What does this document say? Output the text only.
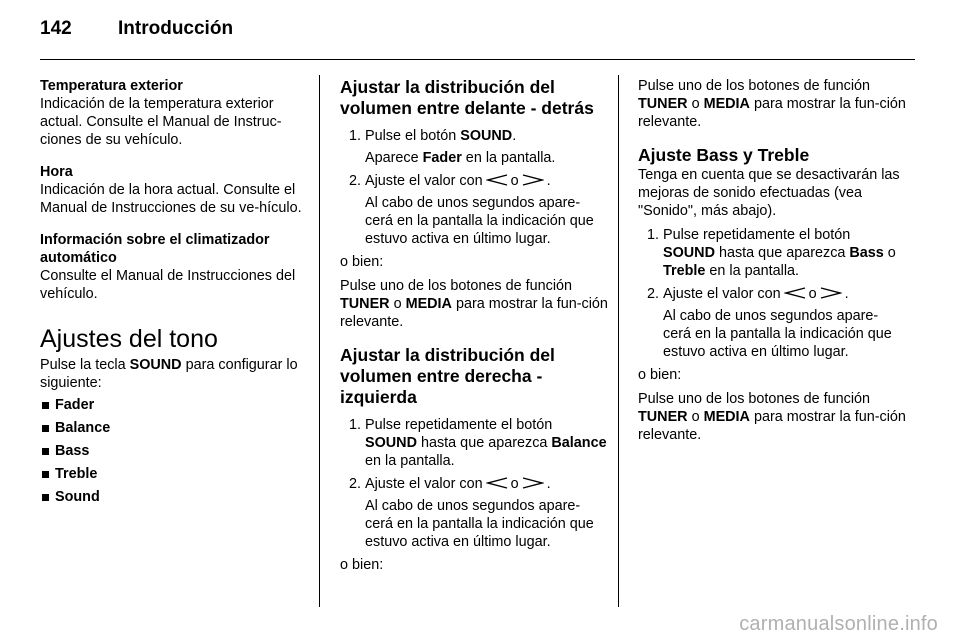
142 Introducción

Temperatura exterior

Indicación de la temperatura exterior actual. Consulte el Manual de Instruc-ciones de su vehículo.

Hora

Indicación de la hora actual. Consulte el Manual de Instrucciones de su ve-hículo.

Información sobre el climatizador automático

Consulte el Manual de Instrucciones del vehículo.

Ajustes del tono

Pulse la tecla SOUND para configurar lo siguiente:

Fader
Balance
Bass
Treble
Sound
Ajustar la distribución del volumen entre delante - detrás
1. Pulse el botón SOUND.
Aparece Fader en la pantalla.
2. Ajuste el valor con o .
Al cabo de unos segundos apare-cerá en la pantalla la indicación que estuvo activa en último lugar.

o bien:

Pulse uno de los botones de función TUNER o MEDIA para mostrar la fun-ción relevante.

Ajustar la distribución del volumen entre derecha - izquierda
1. Pulse repetidamente el botón SOUND hasta que aparezca Balance en la pantalla.
2. Ajuste el valor con o .
Al cabo de unos segundos apare-cerá en la pantalla la indicación que estuvo activa en último lugar.

o bien:

Pulse uno de los botones de función TUNER o MEDIA para mostrar la fun-ción relevante.

Ajuste Bass y Treble

Tenga en cuenta que se desactivarán las mejoras de sonido efectuadas (vea "Sonido", más abajo).

1. Pulse repetidamente el botón SOUND hasta que aparezca Bass o Treble en la pantalla.
2. Ajuste el valor con o .
Al cabo de unos segundos apare-cerá en la pantalla la indicación que estuvo activa en último lugar.

o bien:

Pulse uno de los botones de función TUNER o MEDIA para mostrar la fun-ción relevante.

carmanualsonline.info
